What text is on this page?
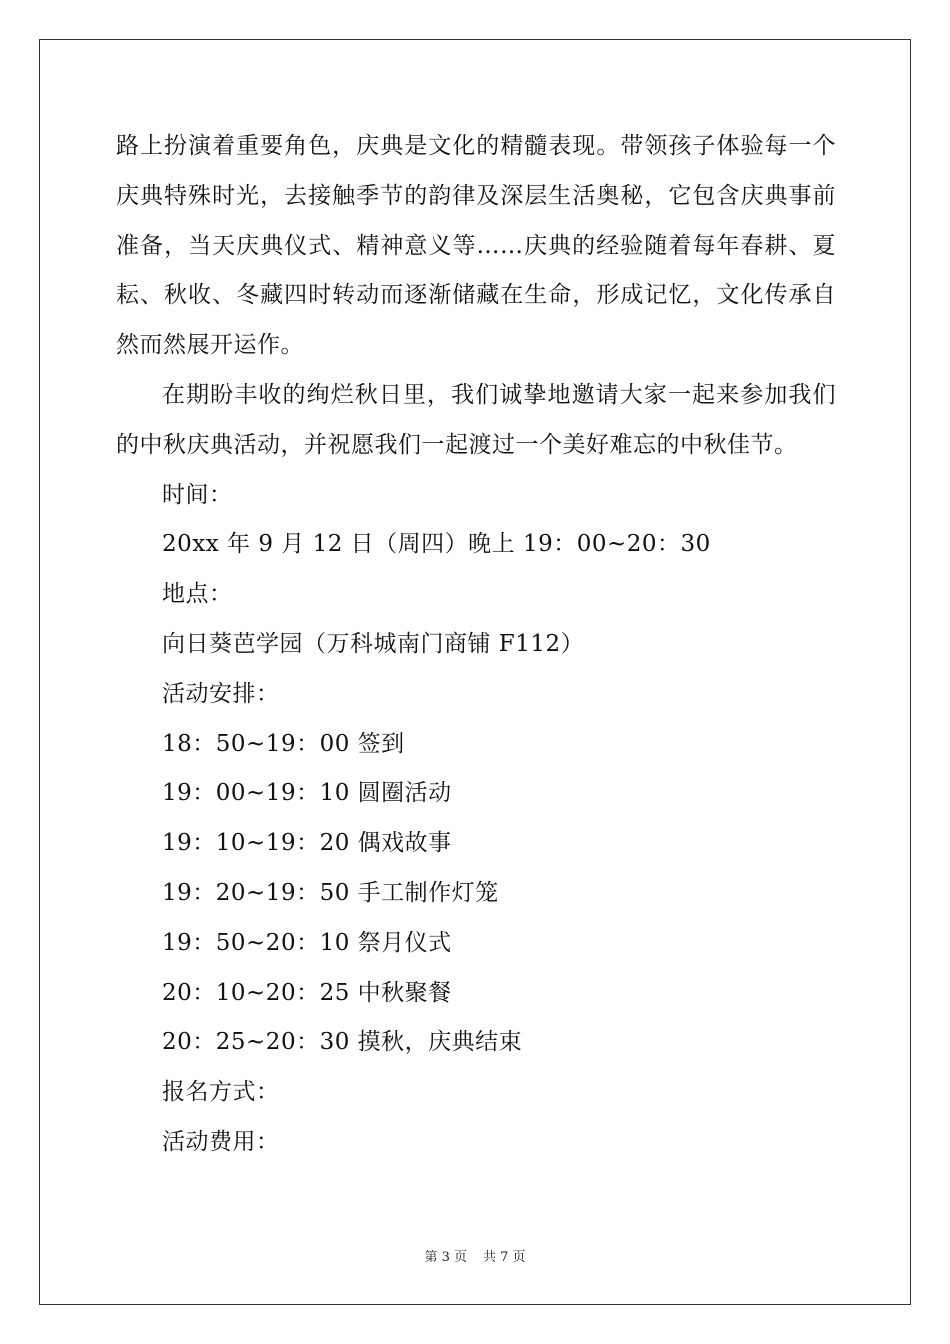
路上扮演着重要角色，庆典是文化的精髓表现。带领孩子体验每一个庆典特殊时光，去接触季节的韵律及深层生活奥秘，它包含庆典事前准备，当天庆典仪式、精神意义等……庆典的经验随着每年春耕、夏耘、秋收、冬藏四时转动而逐渐储藏在生命，形成记忆，文化传承自然而然展开运作。

在期盼丰收的绚烂秋日里，我们诚挚地邀请大家一起来参加我们的中秋庆典活动，并祝愿我们一起渡过一个美好难忘的中秋佳节。

时间：

20xx 年 9 月 12 日（周四）晚上 19：00~20：30

地点：

向日葵芭学园（万科城南门商铺 F112）

活动安排：

18：50~19：00 签到

19：00~19：10 圆圈活动

19：10~19：20 偶戏故事

19：20~19：50 手工制作灯笼

19：50~20：10 祭月仪式

20：10~20：25 中秋聚餐

20：25~20：30 摸秋，庆典结束

报名方式：

活动费用：

第 3 页 共 7 页
